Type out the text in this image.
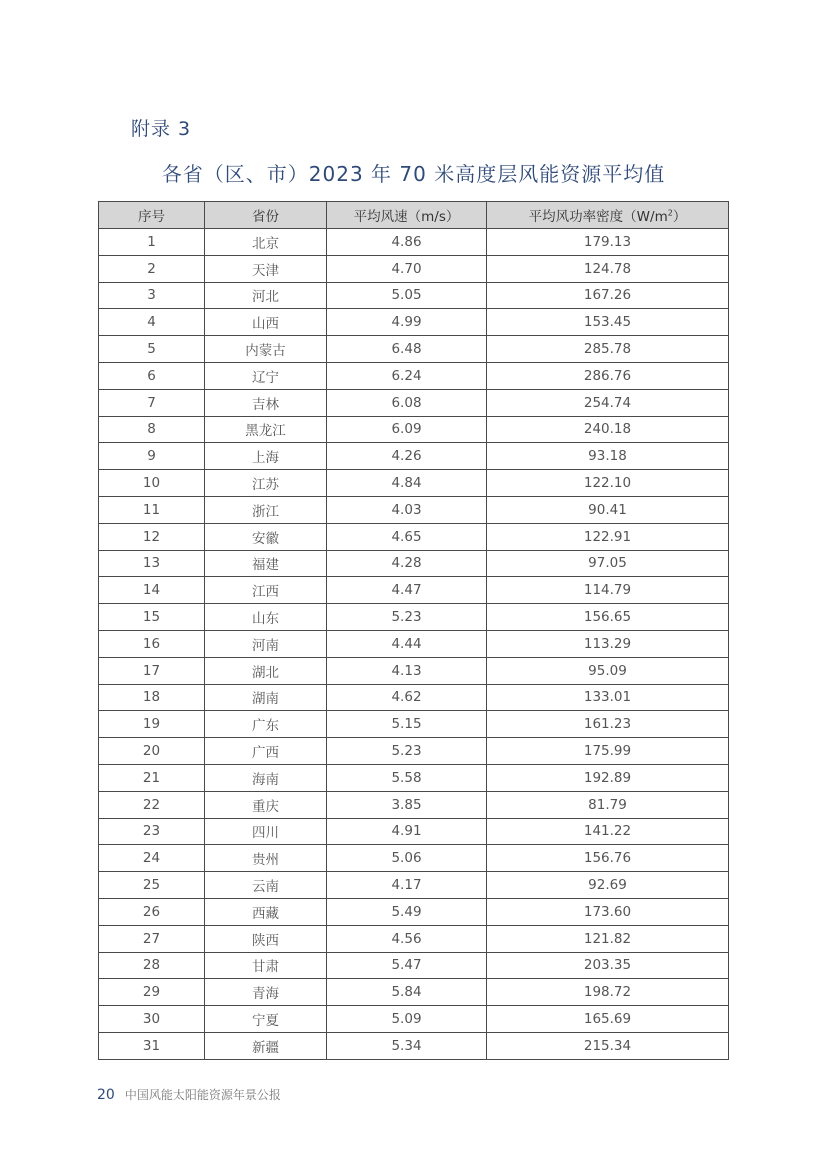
附录 3
各省（区、市）2023 年 70 米高度层风能资源平均值
序号	省份	平均风速（m/s）	平均风功率密度$(W/m^2)$
1	北京	4.86	179.13
2	天津	4.70	124.78
3	河北	5.05	167.26
4	山西	4.99	153.45
5	内蒙古	6.48	285.78
6	辽宁	6.24	286.76
7	吉林	6.08	254.74
8	黑龙江	6.09	240.18
9	上海	4.26	93.18
10	江苏	4.84	122.10
11	浙江	4.03	90.41
12	安徽	4.65	122.91
13	福建	4.28	97.05
14	江西	4.47	114.79
15	山东	5.23	156.65
16	河南	4.44	113.29
17	湖北	4.13	95.09
18	湖南	4.62	133.01
19	广东	5.15	161.23
20	广西	5.23	175.99
21	海南	5.58	192.89
22	重庆	3.85	81.79
23	四川	4.91	141.22
24	贵州	5.06	156.76
25	云南	4.17	92.69
26	西藏	5.49	173.60
27	陕西	4.56	121.82
28	甘肃	5.47	203.35
29	青海	5.84	198.72
30	宁夏	5.09	165.69
31	新疆	5.34	215.34
20 中国风能太阳能资源年景公报
